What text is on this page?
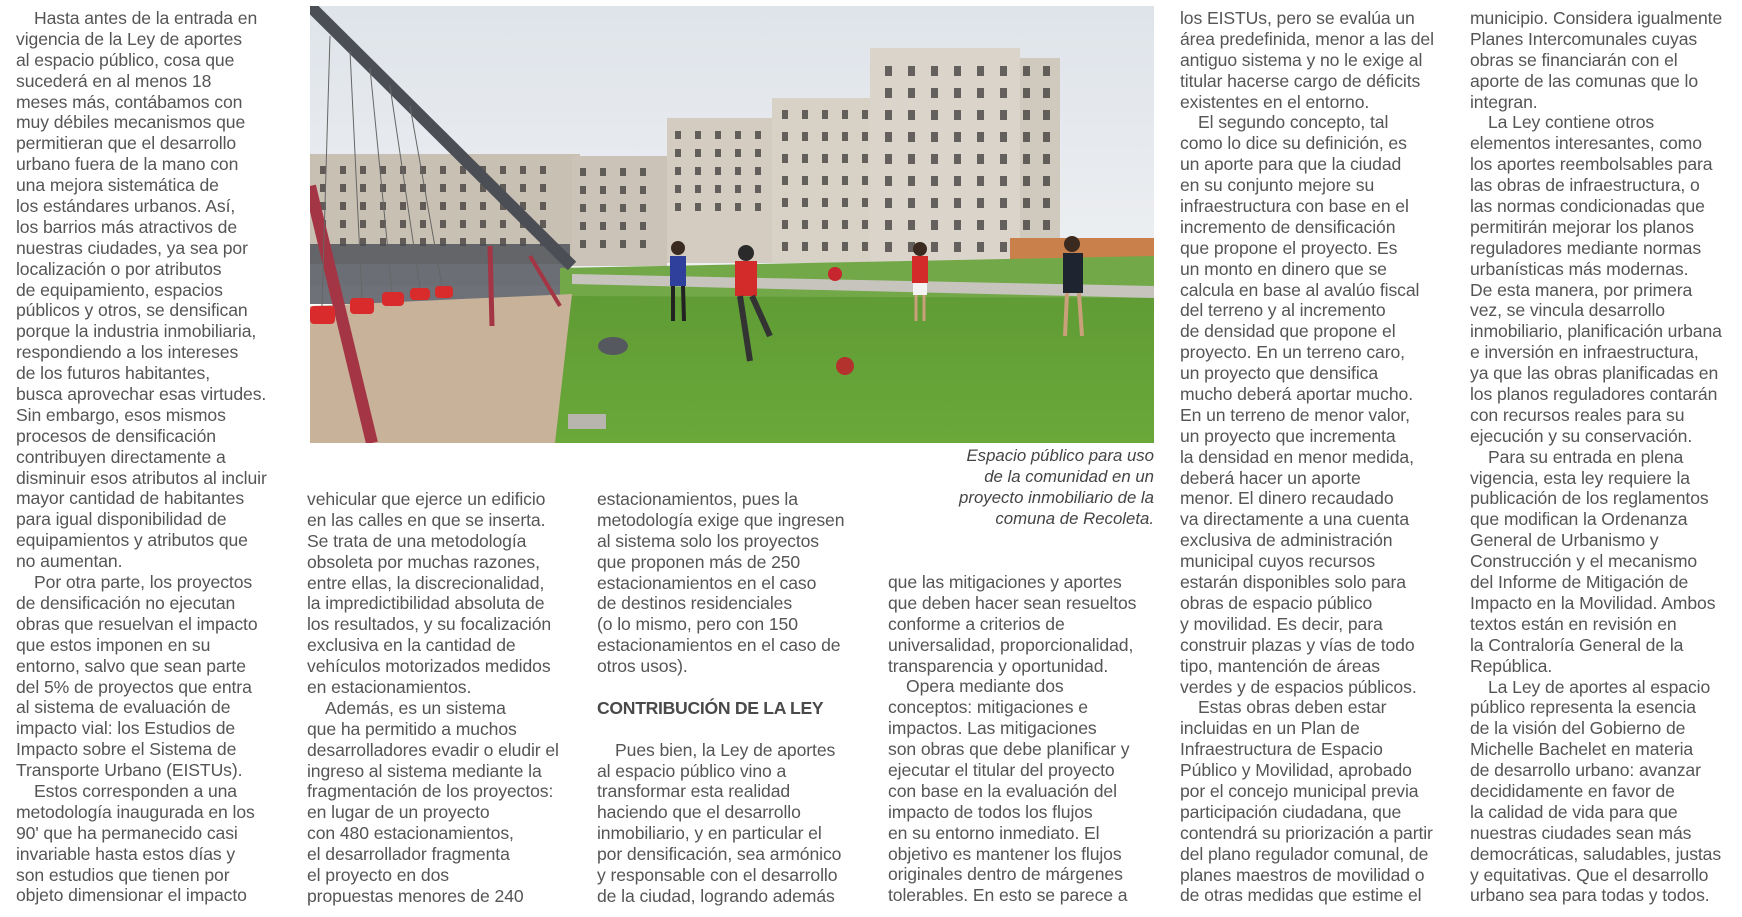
Espacio público para uso
de la comunidad en un
proyecto inmobiliario de la
comuna de Recoleta.
Hasta antes de la entrada en
vigencia de la Ley de aportes
al espacio público, cosa que
sucederá en al menos 18
meses más, contábamos con
muy débiles mecanismos que
permitieran que el desarrollo
urbano fuera de la mano con
una mejora sistemática de
los estándares urbanos. Así,
los barrios más atractivos de
nuestras ciudades, ya sea por
localización o por atributos
de equipamiento, espacios
públicos y otros, se densifican
porque la industria inmobiliaria,
respondiendo a los intereses
de los futuros habitantes,
busca aprovechar esas virtudes.
Sin embargo, esos mismos
procesos de densificación
contribuyen directamente a
disminuir esos atributos al incluir
mayor cantidad de habitantes
para igual disponibilidad de
equipamientos y atributos que
no aumentan.
Por otra parte, los proyectos
de densificación no ejecutan
obras que resuelvan el impacto
que estos imponen en su
entorno, salvo que sean parte
del 5% de proyectos que entra
al sistema de evaluación de
impacto vial: los Estudios de
Impacto sobre el Sistema de
Transporte Urbano (EISTUs).
Estos corresponden a una
metodología inaugurada en los
90' que ha permanecido casi
invariable hasta estos días y
son estudios que tienen por
objeto dimensionar el impacto
vehicular que ejerce un edificio
en las calles en que se inserta.
Se trata de una metodología
obsoleta por muchas razones,
entre ellas, la discrecionalidad,
la impredictibilidad absoluta de
los resultados, y su focalización
exclusiva en la cantidad de
vehículos motorizados medidos
en estacionamientos.
Además, es un sistema
que ha permitido a muchos
desarrolladores evadir o eludir el
ingreso al sistema mediante la
fragmentación de los proyectos:
en lugar de un proyecto
con 480 estacionamientos,
el desarrollador fragmenta
el proyecto en dos
propuestas menores de 240
estacionamientos, pues la
metodología exige que ingresen
al sistema solo los proyectos
que proponen más de 250
estacionamientos en el caso
de destinos residenciales
(o lo mismo, pero con 150
estacionamientos en el caso de
otros usos).
CONTRIBUCIÓN DE LA LEY
Pues bien, la Ley de aportes
al espacio público vino a
transformar esta realidad
haciendo que el desarrollo
inmobiliario, y en particular el
por densificación, sea armónico
y responsable con el desarrollo
de la ciudad, logrando además
que las mitigaciones y aportes
que deben hacer sean resueltos
conforme a criterios de
universalidad, proporcionalidad,
transparencia y oportunidad.
Opera mediante dos
conceptos: mitigaciones e
impactos. Las mitigaciones
son obras que debe planificar y
ejecutar el titular del proyecto
con base en la evaluación del
impacto de todos los flujos
en su entorno inmediato. El
objetivo es mantener los flujos
originales dentro de márgenes
tolerables. En esto se parece a
los EISTUs, pero se evalúa un
área predefinida, menor a las del
antiguo sistema y no le exige al
titular hacerse cargo de déficits
existentes en el entorno.
El segundo concepto, tal
como lo dice su definición, es
un aporte para que la ciudad
en su conjunto mejore su
infraestructura con base en el
incremento de densificación
que propone el proyecto. Es
un monto en dinero que se
calcula en base al avalúo fiscal
del terreno y al incremento
de densidad que propone el
proyecto. En un terreno caro,
un proyecto que densifica
mucho deberá aportar mucho.
En un terreno de menor valor,
un proyecto que incrementa
la densidad en menor medida,
deberá hacer un aporte
menor. El dinero recaudado
va directamente a una cuenta
exclusiva de administración
municipal cuyos recursos
estarán disponibles solo para
obras de espacio público
y movilidad. Es decir, para
construir plazas y vías de todo
tipo, mantención de áreas
verdes y de espacios públicos.
Estas obras deben estar
incluidas en un Plan de
Infraestructura de Espacio
Público y Movilidad, aprobado
por el concejo municipal previa
participación ciudadana, que
contendrá su priorización a partir
del plano regulador comunal, de
planes maestros de movilidad o
de otras medidas que estime el
municipio. Considera igualmente
Planes Intercomunales cuyas
obras se financiarán con el
aporte de las comunas que lo
integran.
La Ley contiene otros
elementos interesantes, como
los aportes reembolsables para
las obras de infraestructura, o
las normas condicionadas que
permitirán mejorar los planos
reguladores mediante normas
urbanísticas más modernas.
De esta manera, por primera
vez, se vincula desarrollo
inmobiliario, planificación urbana
e inversión en infraestructura,
ya que las obras planificadas en
los planos reguladores contarán
con recursos reales para su
ejecución y su conservación.
Para su entrada en plena
vigencia, esta ley requiere la
publicación de los reglamentos
que modifican la Ordenanza
General de Urbanismo y
Construcción y el mecanismo
del Informe de Mitigación de
Impacto en la Movilidad. Ambos
textos están en revisión en
la Contraloría General de la
República.
La Ley de aportes al espacio
público representa la esencia
de la visión del Gobierno de
Michelle Bachelet en materia
de desarrollo urbano: avanzar
decididamente en favor de
la calidad de vida para que
nuestras ciudades sean más
democráticas, saludables, justas
y equitativas. Que el desarrollo
urbano sea para todas y todos.
